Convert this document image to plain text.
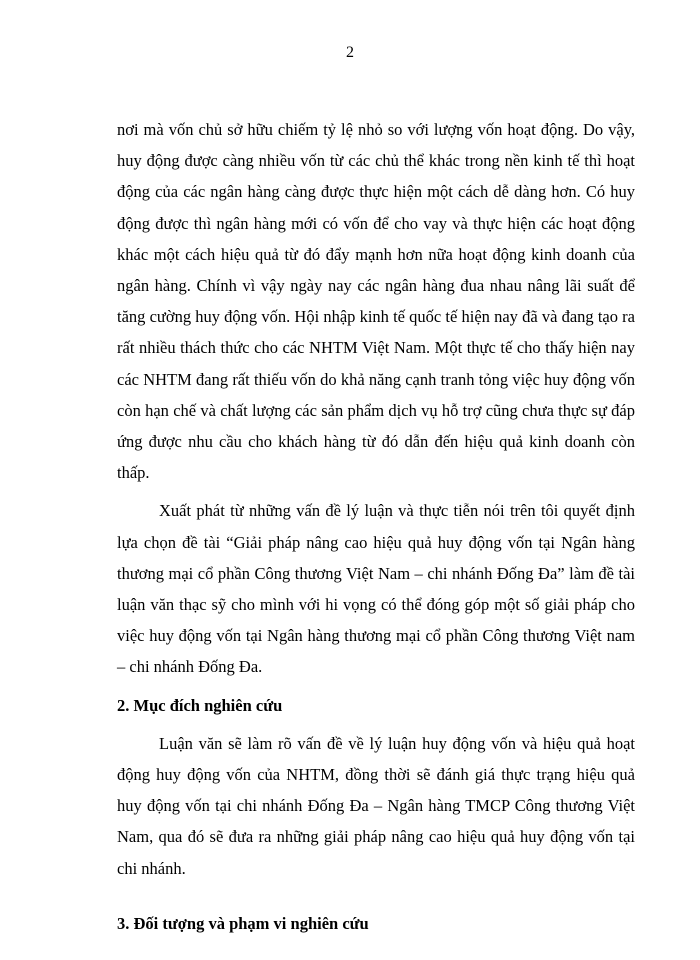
2

nơi mà vốn chủ sở hữu chiếm tỷ lệ nhỏ so với lượng vốn hoạt động. Do vậy, huy động được càng nhiều vốn từ các chủ thể khác trong nền kinh tế thì hoạt động của các ngân hàng càng được thực hiện một cách dễ dàng hơn. Có huy động được thì ngân hàng mới có vốn để cho vay và thực hiện các hoạt động khác một cách hiệu quả từ đó đẩy mạnh hơn nữa hoạt động kinh doanh của ngân hàng. Chính vì vậy ngày nay các ngân hàng đua nhau nâng lãi suất để tăng cường huy động vốn. Hội nhập kinh tế quốc tế hiện nay đã và đang tạo ra rất nhiều thách thức cho các NHTM Việt Nam. Một thực tế cho thấy hiện nay các NHTM đang rất thiếu vốn do khả năng cạnh tranh tỏng việc huy động vốn còn hạn chế và chất lượng các sản phẩm dịch vụ hỗ trợ cũng chưa thực sự đáp ứng được nhu cầu cho khách hàng từ đó dẫn đến hiệu quả kinh doanh còn thấp.

Xuất phát từ những vấn đề lý luận và thực tiễn nói trên tôi quyết định lựa chọn đề tài “Giải pháp nâng cao hiệu quả huy động vốn tại Ngân hàng thương mại cổ phần Công thương Việt Nam – chi nhánh Đống Đa” làm đề tài luận văn thạc sỹ cho mình với hi vọng có thể đóng góp một số giải pháp cho việc huy động vốn tại Ngân hàng thương mại cổ phần Công thương Việt nam – chi nhánh Đống Đa.

2. Mục đích nghiên cứu

Luận văn sẽ làm rõ vấn đề về lý luận huy động vốn và hiệu quả hoạt động huy động vốn của NHTM, đồng thời sẽ đánh giá thực trạng hiệu quả huy động vốn tại chi nhánh Đống Đa – Ngân hàng TMCP Công thương Việt Nam, qua đó sẽ đưa ra những giải pháp nâng cao hiệu quả huy động vốn tại chi nhánh.

3. Đối tượng và phạm vi nghiên cứu
